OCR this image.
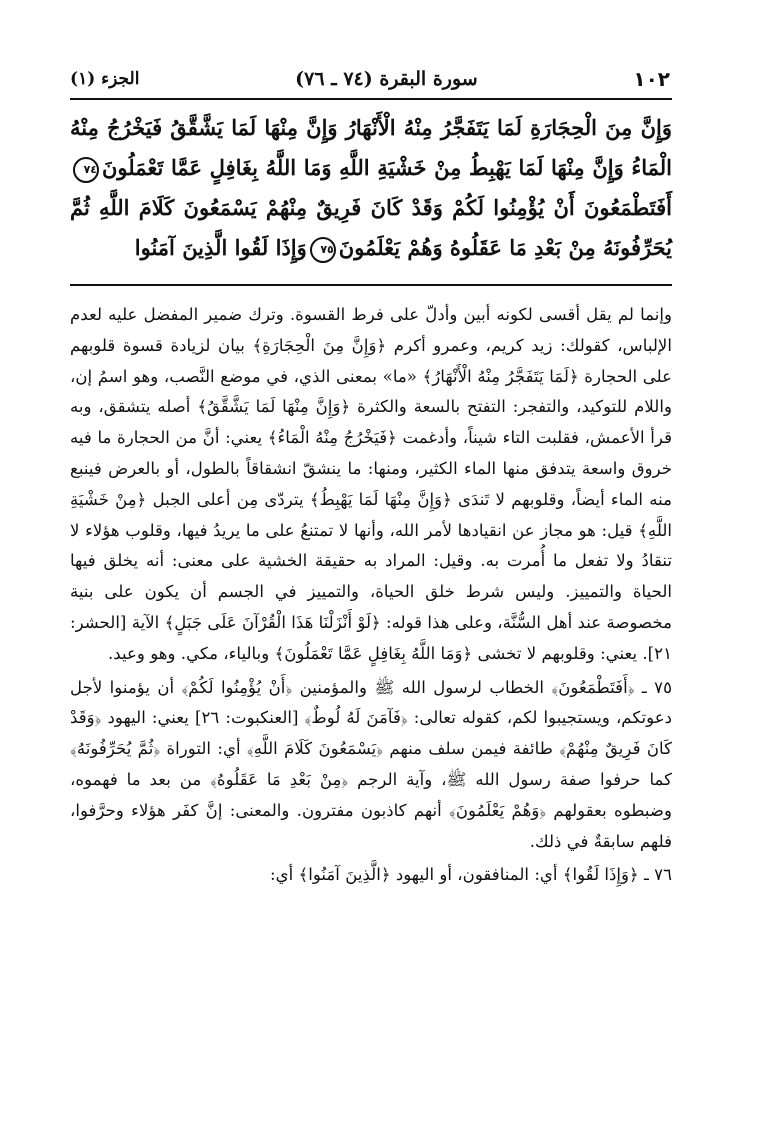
١٠٢
سورة البقرة (٧٤ ـ ٧٦)
الجزء (١)
وَإِنَّ مِنَ الْحِجَارَةِ لَمَا يَتَفَجَّرُ مِنْهُ الْأَنْهَارُ وَإِنَّ مِنْهَا لَمَا يَشَّقَّقُ فَيَخْرُجُ مِنْهُ الْمَاءُ وَإِنَّ مِنْهَا لَمَا يَهْبِطُ مِنْ خَشْيَةِ اللَّهِ وَمَا اللَّهُ بِغَافِلٍ عَمَّا تَعْمَلُونَ٧٤أَفَتَطْمَعُونَ أَنْ يُؤْمِنُوا لَكُمْ وَقَدْ كَانَ فَرِيقٌ مِنْهُمْ يَسْمَعُونَ كَلَامَ اللَّهِ ثُمَّ يُحَرِّفُونَهُ مِنْ بَعْدِ مَا عَقَلُوهُ وَهُمْ يَعْلَمُونَ٧٥وَإِذَا لَقُوا الَّذِينَ آمَنُوا

وإنما لم يقل أقسى لكونه أبين وأدلّ على فرط القسوة. وترك ضمير المفضل عليه لعدم الإلباس، كقولك: زيد كريم، وعمرو أكرم ﴿وَإِنَّ مِنَ الْحِجَارَةِ﴾ بيان لزيادة قسوة قلوبهم على الحجارة ﴿لَمَا يَتَفَجَّرُ مِنْهُ الْأَنْهَارُ﴾ «ما» بمعنى الذي، في موضع النَّصب، وهو اسمُ إن، واللام للتوكيد، والتفجر: التفتح بالسعة والكثرة ﴿وَإِنَّ مِنْهَا لَمَا يَشَّقَّقُ﴾ أصله يتشقق، وبه قرأ الأعمش، فقلبت التاء شيناً، وأدغمت ﴿فَيَخْرُجُ مِنْهُ الْمَاءُ﴾ يعني: أنَّ من الحجارة ما فيه خروق واسعة يتدفق منها الماء الكثير، ومنها: ما ينشقّ انشقاقاً بالطول، أو بالعرض فينبع منه الماء أيضاً، وقلوبهم لا تَندَى ﴿وَإِنَّ مِنْهَا لَمَا يَهْبِطُ﴾ يتردّى مِن أعلى الجبل ﴿مِنْ خَشْيَةِ اللَّهِ﴾ قيل: هو مجاز عن انقيادها لأمر الله، وأنها لا تمتنعُ على ما يريدُ فيها، وقلوب هؤلاء لا تنقادُ ولا تفعل ما أُمرت به. وقيل: المراد به حقيقة الخشية على معنى: أنه يخلق فيها الحياة والتمييز. وليس شرط خلق الحياة، والتمييز في الجسم أن يكون على بنية مخصوصة عند أهل السُّنَّة، وعلى هذا قوله: ﴿لَوْ أَنْزَلْنَا هَذَا الْقُرْآنَ عَلَى جَبَلٍ﴾ الآية [الحشر: ٢١]. يعني: وقلوبهم لا تخشى ﴿وَمَا اللَّهُ بِغَافِلٍ عَمَّا تَعْمَلُونَ﴾ وبالياء، مكي. وهو وعيد.

٧٥ ـ ﴿أَفَتَطْمَعُونَ﴾ الخطاب لرسول الله ﷺ والمؤمنين ﴿أَنْ يُؤْمِنُوا لَكُمْ﴾ أن يؤمنوا لأجل دعوتكم، ويستجيبوا لكم، كقوله تعالى: ﴿فَآمَنَ لَهُ لُوطٌ﴾ [العنكبوت: ٢٦] يعني: اليهود ﴿وَقَدْ كَانَ فَرِيقٌ مِنْهُمْ﴾ طائفة فيمن سلف منهم ﴿يَسْمَعُونَ كَلَامَ اللَّهِ﴾ أي: التوراة ﴿ثُمَّ يُحَرِّفُونَهُ﴾ كما حرفوا صفة رسول الله ﷺ، وآية الرجم ﴿مِنْ بَعْدِ مَا عَقَلُوهُ﴾ من بعد ما فهموه، وضبطوه بعقولهم ﴿وَهُمْ يَعْلَمُونَ﴾ أنهم كاذبون مفترون. والمعنى: إنَّ كفَر هؤلاء وحرَّفوا، فلهم سابقةٌ في ذلك.

٧٦ ـ ﴿وَإِذَا لَقُوا﴾ أي: المنافقون، أو اليهود ﴿الَّذِينَ آمَنُوا﴾ أي:
